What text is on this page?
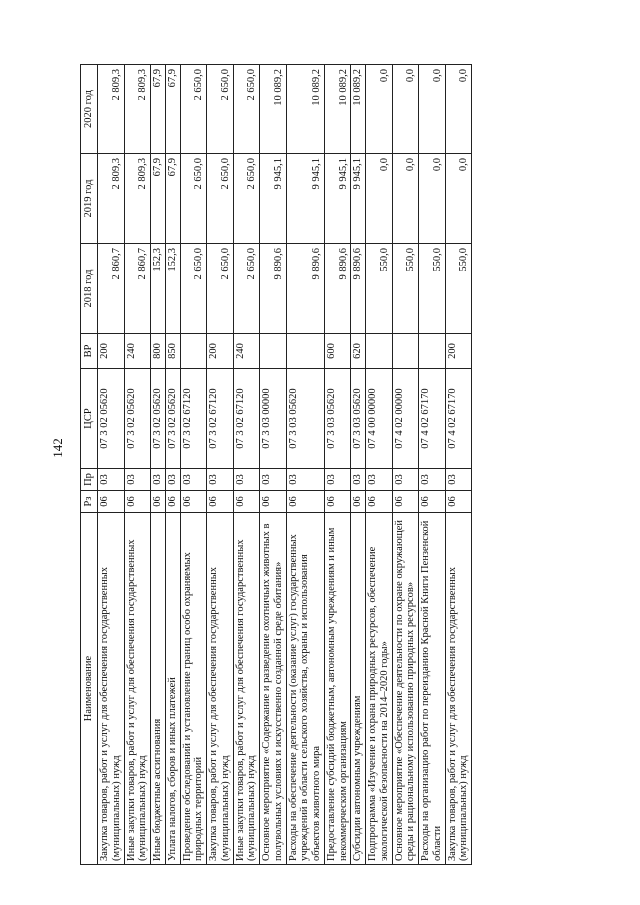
142
Наименование	Рз	Пр	ЦСР	ВР	2018 год	2019 год	2020 год
Закупка товаров, работ и услуг для обеспечения государственных (муниципальных) нужд	06	03	07 3 02 05620	200	2 860,7	2 809,3	2 809,3
Иные закупки товаров, работ и услуг для обеспечения государственных (муниципальных) нужд	06	03	07 3 02 05620	240	2 860,7	2 809,3	2 809,3
Иные бюджетные ассигнования	06	03	07 3 02 05620	800	152,3	67,9	67,9
Уплата налогов, сборов и иных платежей	06	03	07 3 02 05620	850	152,3	67,9	67,9
Проведение обследований и установление границ особо охраняемых природных территорий	06	03	07 3 02 67120		2 650,0	2 650,0	2 650,0
Закупка товаров, работ и услуг для обеспечения государственных (муниципальных) нужд	06	03	07 3 02 67120	200	2 650,0	2 650,0	2 650,0
Иные закупки товаров, работ и услуг для обеспечения государственных (муниципальных) нужд	06	03	07 3 02 67120	240	2 650,0	2 650,0	2 650,0
Основное мероприятие «Содержание и разведение охотничьих животных в полувольных условиях и искусственно созданной среде обитания»	06	03	07 3 03 00000		9 890,6	9 945,1	10 089,2
Расходы на обеспечение деятельности (оказание услуг) государственных учреждений в области сельского хозяйства, охраны и использования объектов животного мира	06	03	07 3 03 05620		9 890,6	9 945,1	10 089,2
Предоставление субсидий бюджетным, автономным учреждениям и иным некоммерческим организациям	06	03	07 3 03 05620	600	9 890,6	9 945,1	10 089,2
Субсидии автономным учреждениям	06	03	07 3 03 05620	620	9 890,6	9 945,1	10 089,2
Подпрограмма «Изучение и охрана природных ресурсов, обеспечение экологической безопасности на 2014–2020 годы»	06	03	07 4 00 00000		550,0	0,0	0,0
Основное мероприятие «Обеспечение деятельности по охране окружающей среды и рациональному использованию природных ресурсов»	06	03	07 4 02 00000		550,0	0,0	0,0
Расходы на организацию работ по переизданию Красной Книги Пензенской области	06	03	07 4 02 67170		550,0	0,0	0,0
Закупка товаров, работ и услуг для обеспечения государственных (муниципальных) нужд	06	03	07 4 02 67170	200	550,0	0,0	0,0
